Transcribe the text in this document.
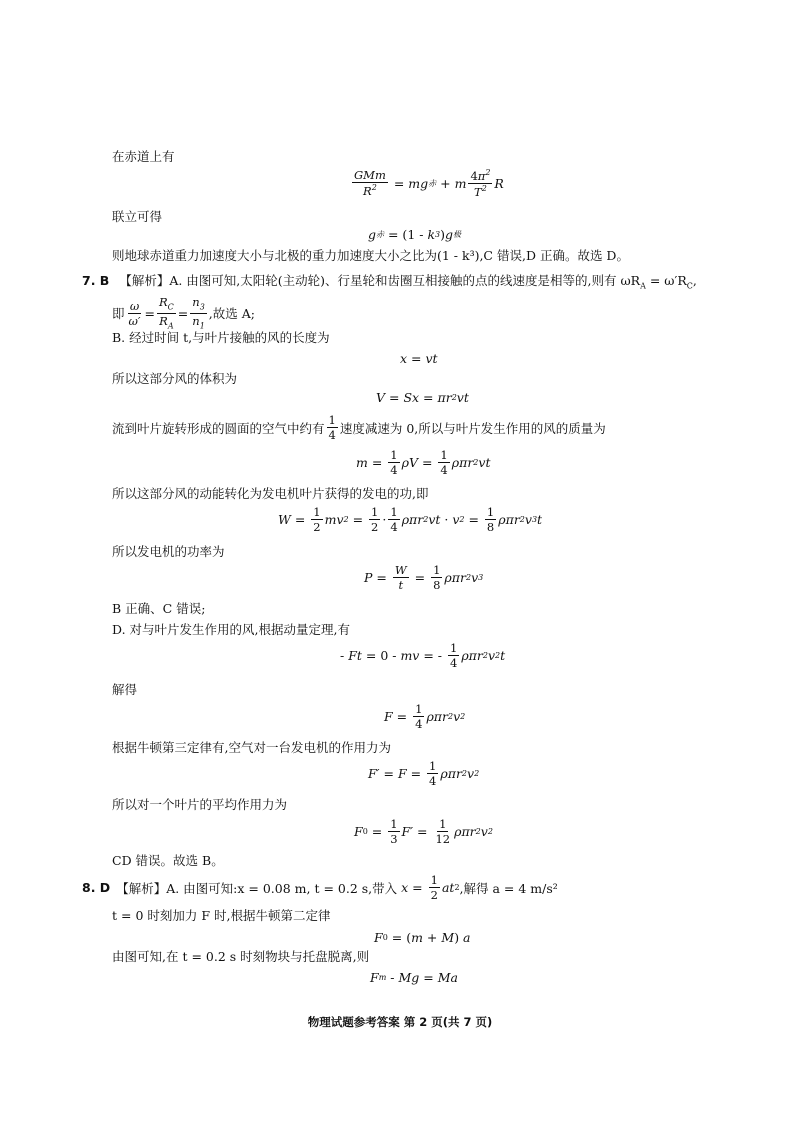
在赤道上有
$\frac{\text{GMm}}{R^2}$ = mg 赤 + m $\frac{4\pi^2}{T^2}$ R
联立可得
g 赤 = (1 - k 3 ) g 极
则地球赤道重力加速度大小与北极的重力加速度大小之比为(1 - k³),C 错误,D 正确。故选 D。
7. B 【解析】A. 由图可知,太阳轮(主动轮)、行星轮和齿圈互相接触的点的线速度是相等的,则有 $\omega R_A = \omega'R_C$,
即 $\frac{\omega}{\omega'} = \frac{R_C}{R_A} = \frac{n_3}{n_1}$ ,故选 A;
B. 经过时间 t,与叶片接触的风的长度为
x = vt
所以这部分风的体积为
V = Sx = πr 2 vt
流到叶片旋转形成的圆面的空气中约有 $\frac{1}{4}$ 速度减速为 0,所以与叶片发生作用的风的质量为
$m = \frac{1}{4}$ $\rho V = \frac{1}{4}$ ρπr 2 vt
所以这部分风的动能转化为发电机叶片获得的发电的功,即
$W = \frac{1}{2}$ mv $2 = \frac{1}{2} \cdot \frac{1}{4}$ ρπr 2 vt · v $2 = \frac{1}{8}$ ρπr 2 v 3 t
所以发电机的功率为
$P = \frac{W}{t} = \frac{1}{8}$ ρπr 2 v 3
B 正确、C 错误;
D. 对与叶片发生作用的风,根据动量定理,有
- Ft = 0 - mv = - $\frac{1}{4}$ ρπr 2 v 2 t
解得
$F = \frac{1}{4}$ ρπr 2 v 2
根据牛顿第三定律有,空气对一台发电机的作用力为
$F' = F = \frac{1}{4}$ ρπr 2 v 2
所以对一个叶片的平均作用力为
F $0 = \frac{1}{3} F' = \frac{1}{12}$ ρπr 2 v 2
CD 错误。故选 B。
8. D 【解析】 A. 由图可知:x = 0.08 m, t = 0.2 s,带入
$x = \frac{1}{2}$ at 2 ,解得 a = 4 m/s²
t = 0 时刻加力 F 时,根据牛顿第二定律
F 0 = ( m + M ) a
由图可知,在 t = 0.2 s 时刻物块与托盘脱离,则
F m - Mg = Ma
物理试题参考答案 第 2 页(共 7 页)
